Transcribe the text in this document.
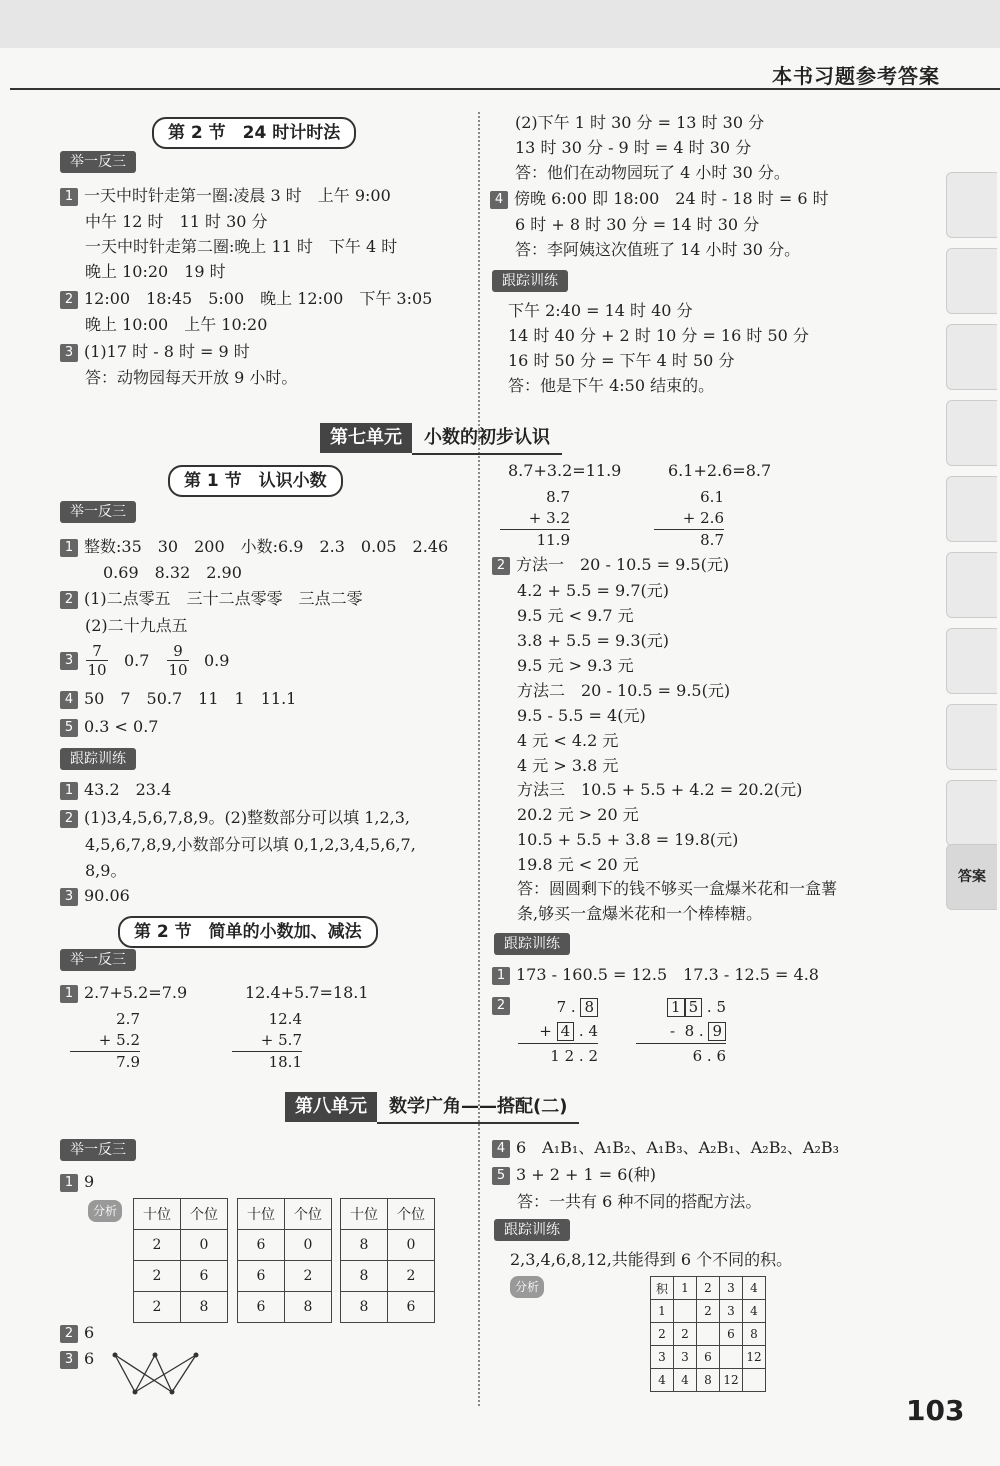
本书习题参考答案
答案
第 2 节　24 时计时法
举一反三
1 一天中时针走第一圈:凌晨 3 时　上午 9:00
中午 12 时　11 时 30 分
一天中时针走第二圈:晚上 11 时　下午 4 时
晚上 10:20　19 时
2 12:00　18:45　5:00　晚上 12:00　下午 3:05
晚上 10:00　上午 10:20
3 (1)17 时 - 8 时 = 9 时
答：动物园每天开放 9 小时。
(2)下午 1 时 30 分 = 13 时 30 分
13 时 30 分 - 9 时 = 4 时 30 分
答：他们在动物园玩了 4 小时 30 分。
4 傍晚 6:00 即 18:00　24 时 - 18 时 = 6 时
6 时 + 8 时 30 分 = 14 时 30 分
答：李阿姨这次值班了 14 小时 30 分。
跟踪训练
下午 2:40 = 14 时 40 分
14 时 40 分 + 2 时 10 分 = 16 时 50 分
16 时 50 分 = 下午 4 时 50 分
答：他是下午 4:50 结束的。
第七单元 小数的初步认识
第 1 节　认识小数
举一反三
1 整数:35　30　200　小数:6.9　2.3　0.05　2.46
0.69　8.32　2.90
2 (1)二点零五　三十二点零零　三点二零
(2)二十九点五
3	7
10 0.7	9
10 0.9
4 50　7　50.7　11　1　11.1
5 0.3 < 0.7
跟踪训练
1 43.2　23.4
2 (1)3,4,5,6,7,8,9。(2)整数部分可以填 1,2,3,
4,5,6,7,8,9,小数部分可以填 0,1,2,3,4,5,6,7,
8,9。
3 90.06
第 2 节　简单的小数加、减法
举一反三
1 2.7+5.2=7.9	12.4+5.7=18.1
2.7
+ 5.2
7.9
12.4
+ 5.7
18.1
8.7+3.2=11.9	6.1+2.6=8.7
8.7
+ 3.2
11.9
6.1
+ 2.6
8.7
2 方法一　20 - 10.5 = 9.5(元)
4.2 + 5.5 = 9.7(元)
9.5 元 < 9.7 元
3.8 + 5.5 = 9.3(元)
9.5 元 > 9.3 元
方法二　20 - 10.5 = 9.5(元)
9.5 - 5.5 = 4(元)
4 元 < 4.2 元
4 元 > 3.8 元
方法三　10.5 + 5.5 + 4.2 = 20.2(元)
20.2 元 > 20 元
10.5 + 5.5 + 3.8 = 19.8(元)
19.8 元 < 20 元
答：圆圆剩下的钱不够买一盒爆米花和一盒薯
条,够买一盒爆米花和一个棒棒糖。
跟踪训练
1 173 - 160.5 = 12.5　17.3 - 12.5 = 4.8
2	7 . 8
+ 4 . 4
1 2 . 2
1 5 . 5
- 8 . 9
6 . 6
第八单元 数学广角——搭配(二)
举一反三
1 9
分析	十位	个位
2	0
2	6
2	8
十位	个位
6	0
6	2
6	8
十位	个位
8	0
8	2
8	6
2 6
3 6
4 6　A₁B₁、A₁B₂、A₁B₃、A₂B₁、A₂B₂、A₂B₃
5 3 + 2 + 1 = 6(种)
答：一共有 6 种不同的搭配方法。
跟踪训练
2,3,4,6,8,12,共能得到 6 个不同的积。
分析	积	1	2	3	4
1		2	3	4
2	2		6	8
3	3	6		12
4	4	8	12	
103
